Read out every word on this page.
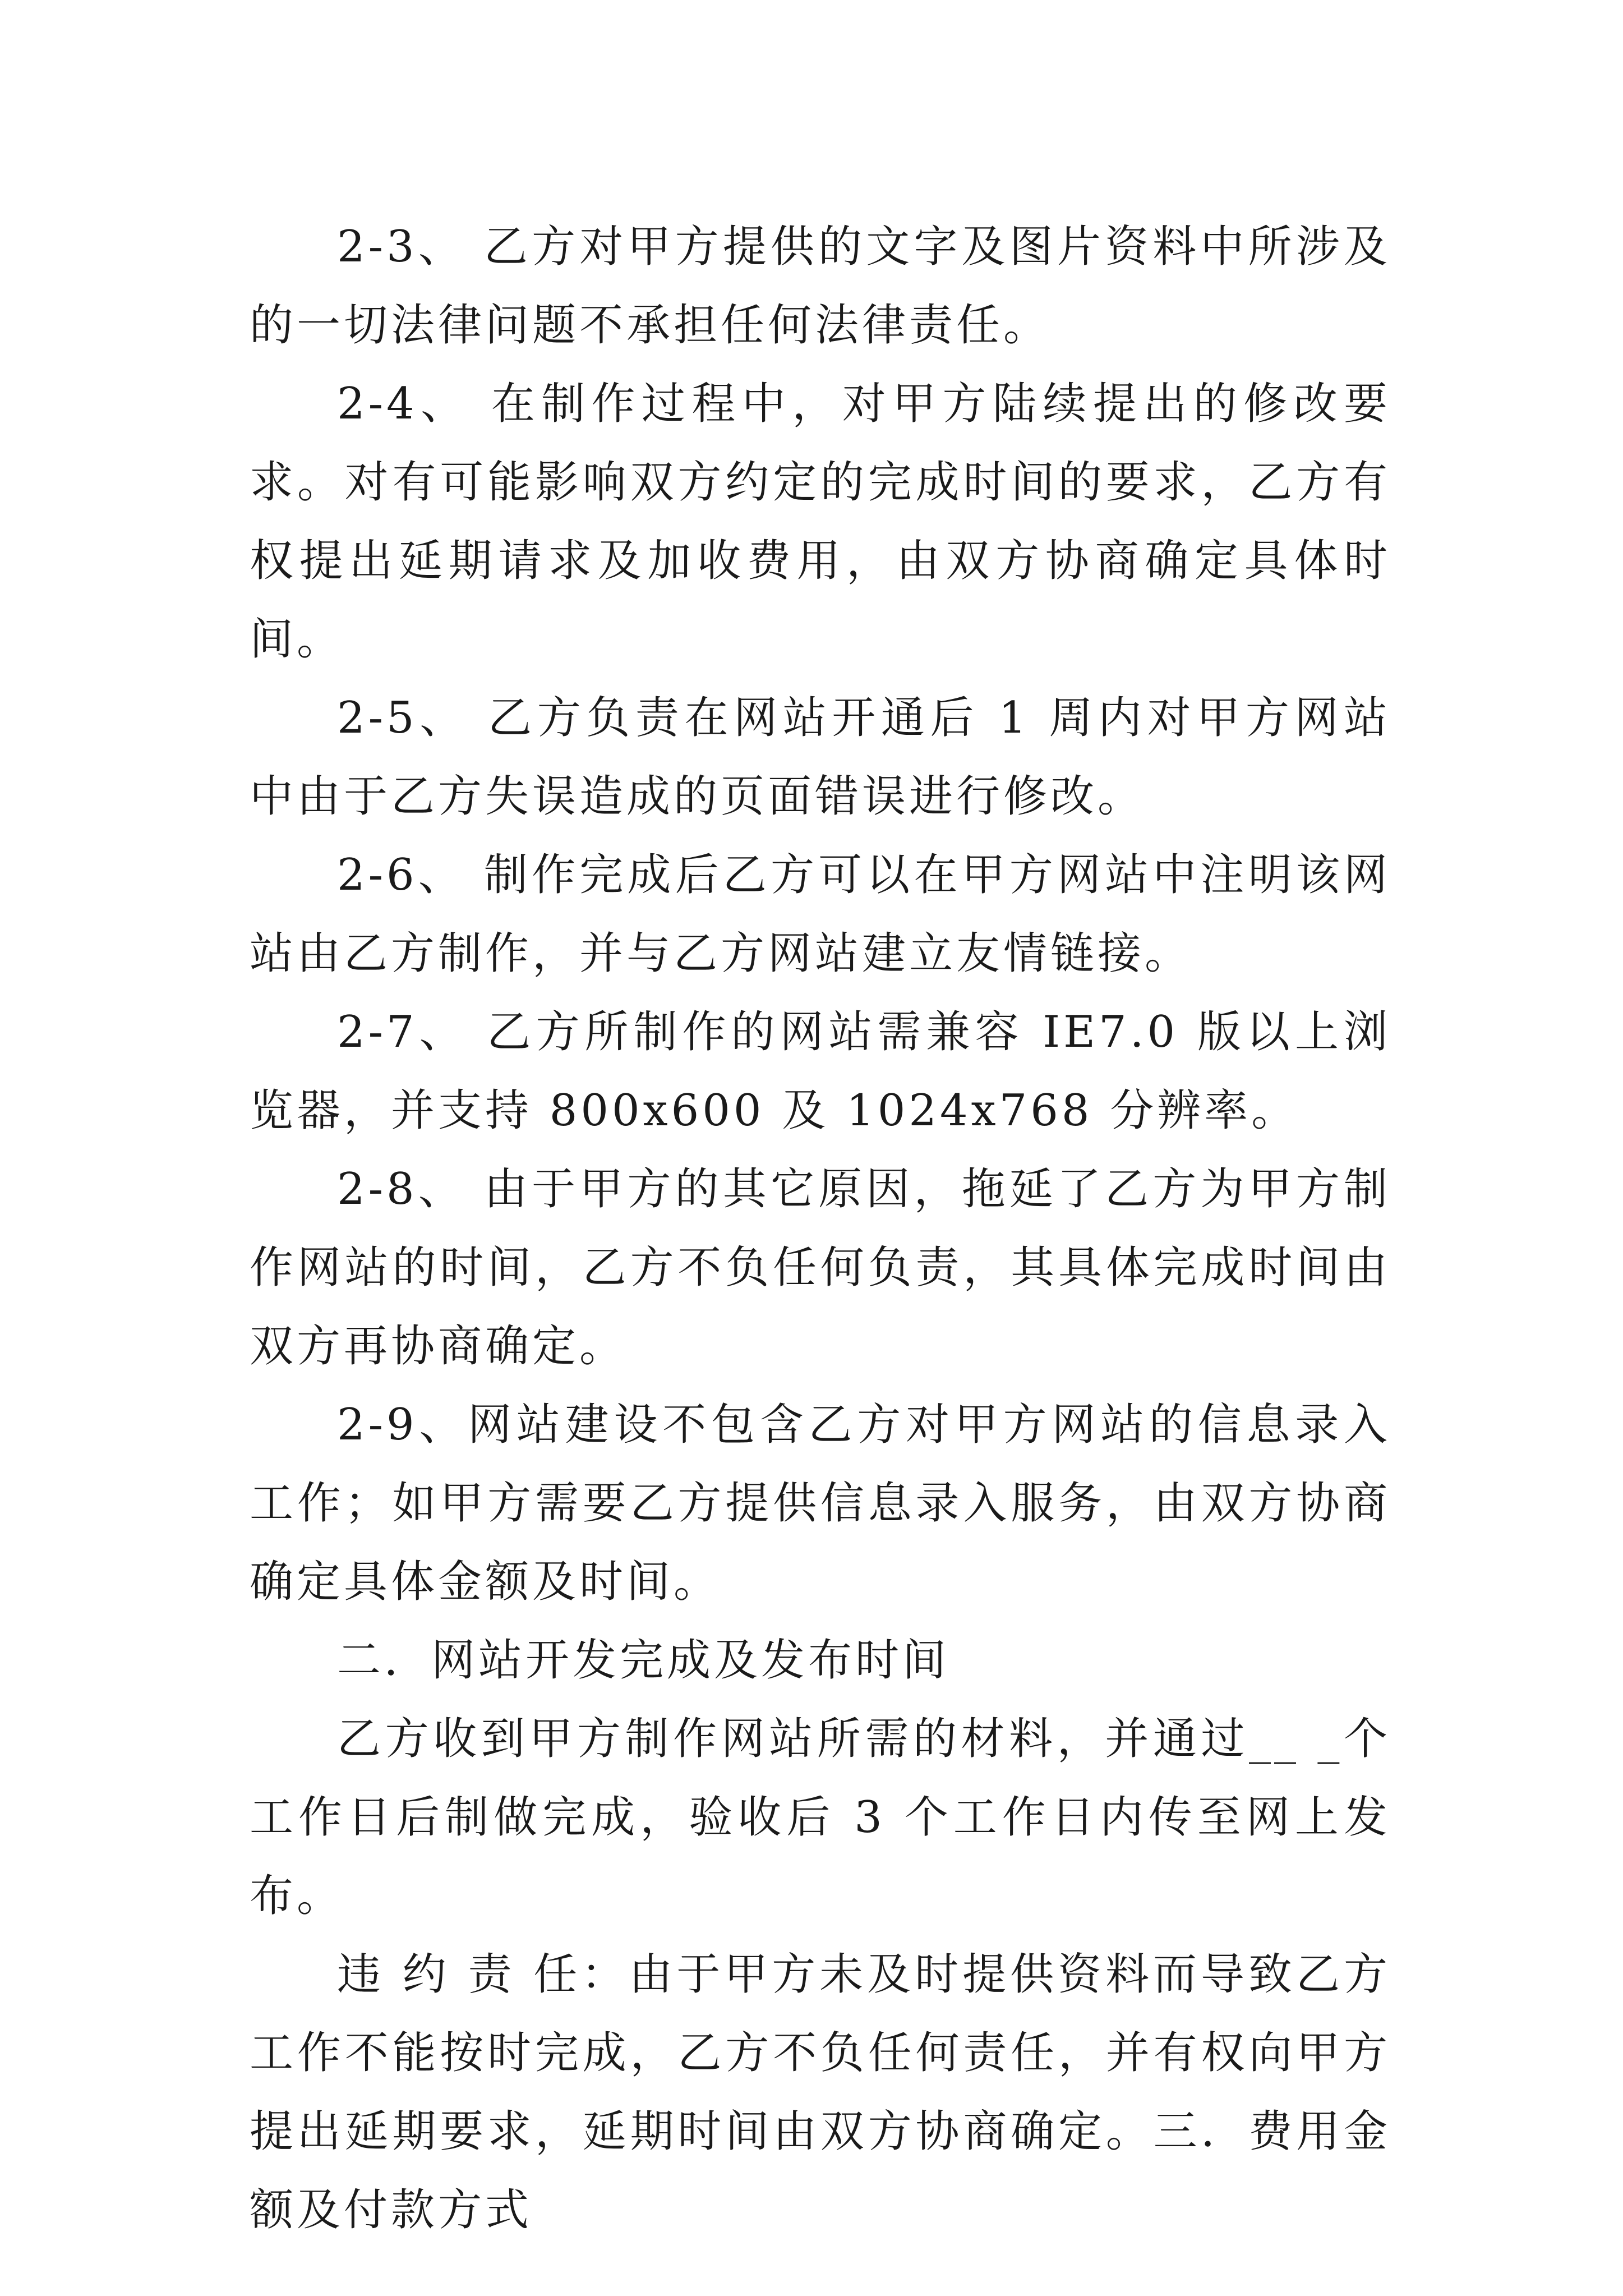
2-3、 乙方对甲方提供的文字及图片资料中所涉及的一切法律问题不承担任何法律责任。

2-4、 在制作过程中，对甲方陆续提出的修改要求。对有可能影响双方约定的完成时间的要求，乙方有权提出延期请求及加收费用，由双方协商确定具体时间。

2-5、 乙方负责在网站开通后 1 周内对甲方网站中由于乙方失误造成的页面错误进行修改。

2-6、 制作完成后乙方可以在甲方网站中注明该网站由乙方制作，并与乙方网站建立友情链接。

2-7、 乙方所制作的网站需兼容 IE7.0 版以上浏览器，并支持 800x600 及 1024x768 分辨率。

2-8、 由于甲方的其它原因，拖延了乙方为甲方制作网站的时间，乙方不负任何负责，其具体完成时间由双方再协商确定。

2-9、网站建设不包含乙方对甲方网站的信息录入工作；如甲方需要乙方提供信息录入服务，由双方协商确定具体金额及时间。

二．网站开发完成及发布时间

乙方收到甲方制作网站所需的材料，并通过__ _个工作日后制做完成，验收后 3 个工作日内传至网上发布。

违 约 责 任：由于甲方未及时提供资料而导致乙方工作不能按时完成，乙方不负任何责任，并有权向甲方提出延期要求，延期时间由双方协商确定。三．费用金额及付款方式
